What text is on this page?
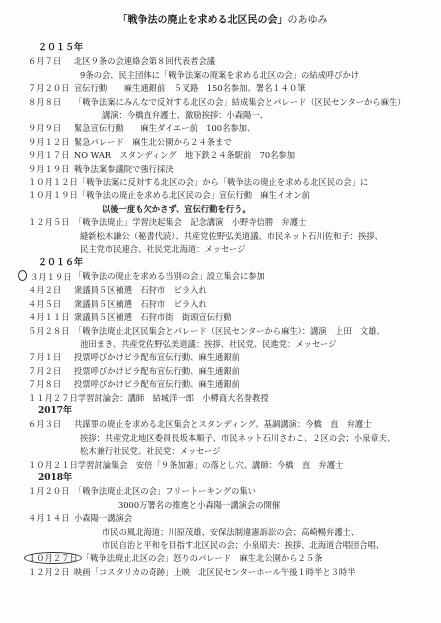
「戦争法の廃止を求める北区民の会」のあゆみ
２０１５年
６月７日	北区９条の会連絡会第８回代表者会議
9条の会、民主団体に「戦争法案の廃案を求める北区の会」の結成呼びかけ
７月２０日 宣伝行動　　麻生通銀前　５叉路　150名参加、署名１４０筆
８月８日	「戦争法案にみんなで反対する北区の会」結成集会とパレード（区民センターから麻生）
講演：今橋直弁護士、激励挨拶：小森陽一、
９月９日	緊急宣伝行動　　麻生ダイエー前　100名参加、
９月１２日 緊急パレード　麻生北公園から２４条まで
９月１７日 NO WAR　スタンディング　地下鉄２４条駅前　70名参加
９月１９日 戦争法案参議院で強行採決
１０月１２日 「戦争法案に反対する北区の会」から「戦争法の廃止を求める北区民の会」に
１０月１９日 「戦争法の廃止を求める北区民の会」宣伝行動　麻生イオン前
以後一度も欠かさず、宣伝行動を行う。
１２月５日 「戦争法廃止」学習決起集会　記念講演　小野寺信勝　弁護士
縫新松木謙公（秘書代読）、共産党佐野弘美道議、市民ネット石川佐和子：挨拶、
民主党市民連合、社民党北海道：メッセージ
２０１６年
３月１９日 「戦争法の廃止を求める当別の会」設立集会に参加
４月２日	衆議員５区補選　石狩市　ビラ入れ
４月５日	衆議員５区補選　石狩市　ビラ入れ
４月１１日 衆議員５区補選　石狩市街　街頭宣伝行動
５月２８日 「戦争法廃止北区民集会とパレード（区民センターから麻生）：講演　上田　文雄、
池田まき、共産党佐野弘美道議：挨拶、社民党、民進党：メッセージ
７月１日	投票呼びかけビラ配布宣伝行動、麻生通銀前
７月２日	投票呼びかけビラ配布宣伝行動、麻生通銀前
７月８日	投票呼びかけビラ配布宣伝行動、麻生通銀前
１１月２７日 学習討論会：講師　結城洋一郎　小樽商大名誉教授
2017年
６月３日	共謀罪の廃止を求める北区集会とスタンディング、基調講演：今橋　直　弁護士
挨拶：共産党北地区委員長坂本順子、市民ネット石川さわこ、２区の会；小泉章夫、
松木兼行社民党、社民党：メッセージ
１０月２１日 学習討論集会　安倍「９条加憲」の落とし穴、講師：今橋　直　弁護士
2018年
１月２０日 「戦争法廃止北区の会」フリートーキングの集い
3000万署名の推進と小森陽一講演会の開催
４月１４日 小森陽一講演会
市民の風北海道；川原茂雄、安保法制違憲訴訟の会；高崎暢弁護士、
市民自治と平和を目指す北区民の会；小泉昭夫：挨拶、北海道合唱団合唱、
１０月２７日 「戦争法廃止北区の会」怒りのパレード　麻生北公園から２５条
１２月２日 映画「コスタリカの奇跡」上映　北区民センターホール午後１時半と３時半
